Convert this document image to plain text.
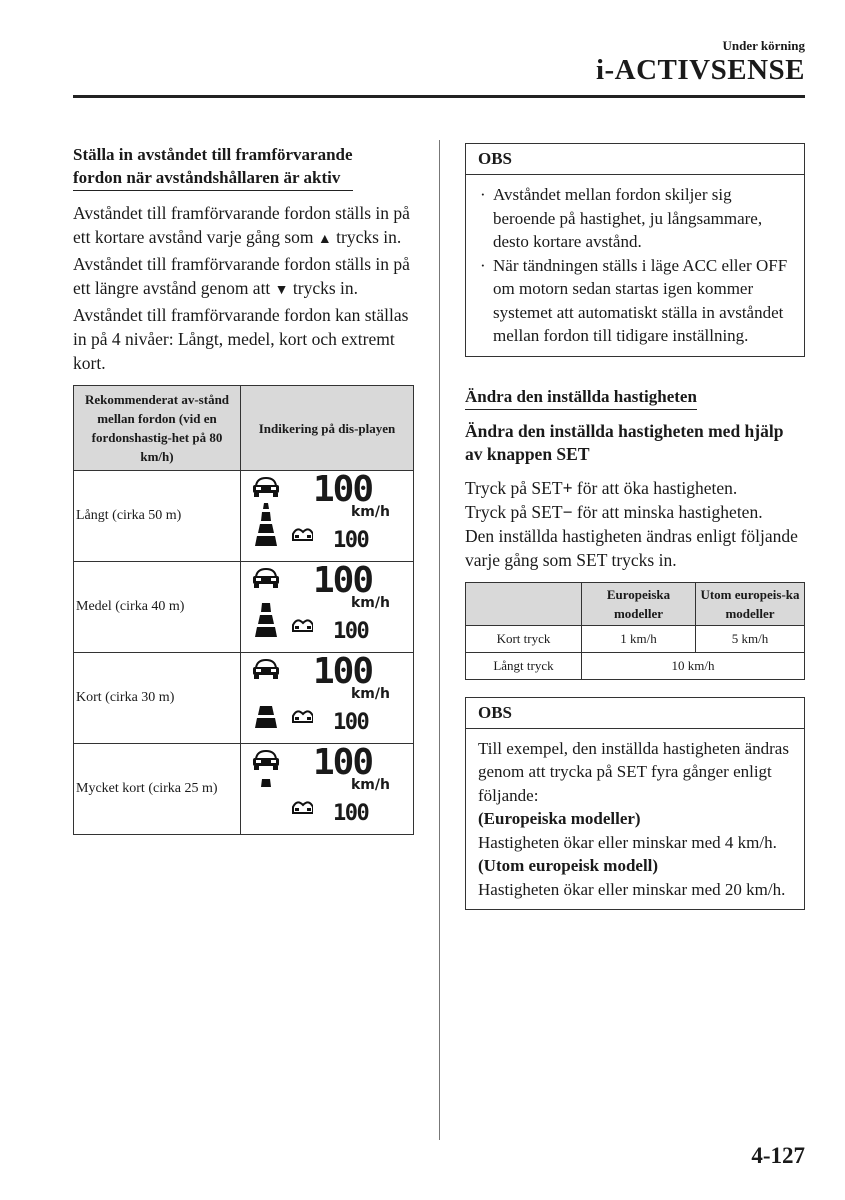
Under körning
i-ACTIVSENSE
Ställa in avståndet till framförvarande
fordon när avståndshållaren är aktiv
Avståndet till framförvarande fordon ställs in på ett kortare avstånd varje gång som ▲ trycks in. Avståndet till framförvarande fordon ställs in på ett längre avstånd genom att ▼ trycks in. Avståndet till framförvarande fordon kan ställas in på 4 nivåer: Långt, medel, kort och extremt kort.
Rekommenderat av-stånd mellan fordon (vid en fordonshastig-het på 80 km/h)	Indikering på dis-playen
Långt (cirka 50 m)	100
km/h
100

Medel (cirka 40 m)	100
km/h
100

Kort (cirka 30 m)	100
km/h
100

Mycket kort (cirka 25 m)	100
km/h
100
OBS
· Avståndet mellan fordon skiljer sig beroende på hastighet, ju långsammare, desto kortare avstånd.
· När tändningen ställs i läge ACC eller OFF om motorn sedan startas igen kommer systemet att automatiskt ställa in avståndet mellan fordon till tidigare inställning.
Ändra den inställda hastigheten
Ändra den inställda hastigheten med hjälp av knappen SET
Tryck på SET+ för att öka hastigheten.
Tryck på SET− för att minska hastigheten.
Den inställda hastigheten ändras enligt följande varje gång som SET trycks in.
	Europeiska modeller	Utom europeis-ka modeller
Kort tryck	1 km/h	5 km/h
Långt tryck	10 km/h	
OBS
Till exempel, den inställda hastigheten ändras genom att trycka på SET fyra gånger enligt följande:
(Europeiska modeller)
Hastigheten ökar eller minskar med 4 km/h.
(Utom europeisk modell)
Hastigheten ökar eller minskar med 20 km/h.
4-127
